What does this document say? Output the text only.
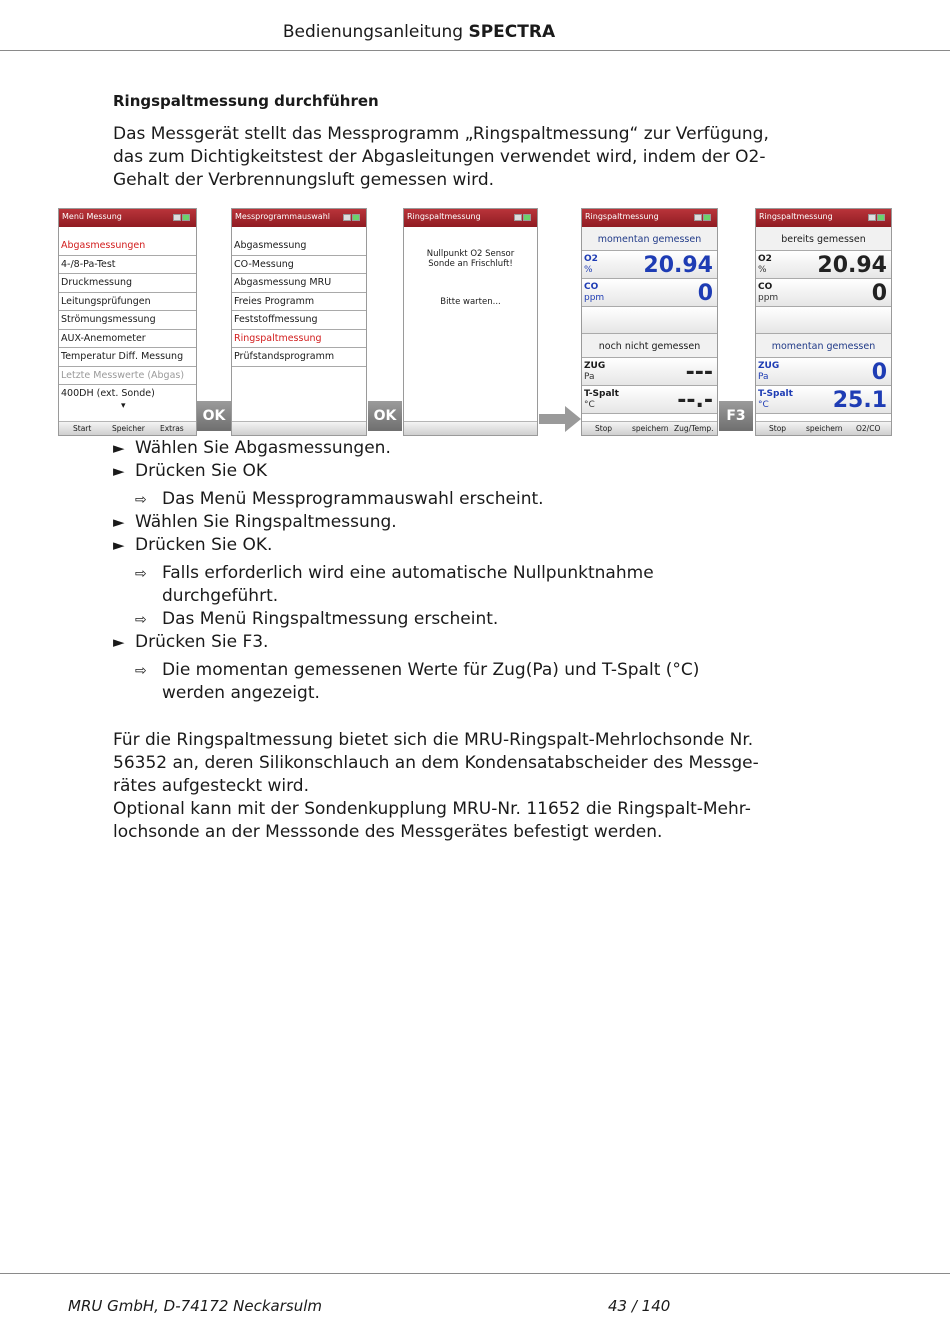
Bedienungsanleitung SPECTRA
Ringspaltmessung durchführen
Das Messgerät stellt das Messprogramm „Ringspaltmessung“ zur Verfügung,
das zum Dichtigkeitstest der Abgasleitungen verwendet wird, indem der O2-
Gehalt der Verbrennungsluft gemessen wird.
Menü Messung
Abgasmessungen
4-/8-Pa-Test
Druckmessung
Leitungsprüfungen
Strömungsmessung
AUX-Anemometer
Temperatur Diff. Messung
Letzte Messwerte (Abgas)
400DH (ext. Sonde)
▾
Start	Speicher Extras
OK
Messprogrammauswahl
Abgasmessung
CO-Messung
Abgasmessung MRU
Freies Programm
Feststoffmessung
Ringspaltmessung
Prüfstandsprogramm
OK
Ringspaltmessung
Nullpunkt O2 Sensor
Sonde an Frischluft!
Bitte warten...
Ringspaltmessung
momentan gemessen
O2
% 20.94
CO
ppm	0
noch nicht gemessen
ZUG
Pa	---
T-Spalt
°C	--.-
Stop	speichern Zug/Temp.
F3
Ringspaltmessung
bereits gemessen
O2
% 20.94
CO
ppm	0
momentan gemessen
ZUG
Pa	0
T-Spalt
°C	25.1
Stop	speichern O2/CO
► Wählen Sie Abgasmessungen.
► Drücken Sie OK
⇨ Das Menü Messprogrammauswahl erscheint.
► Wählen Sie Ringspaltmessung.
► Drücken Sie OK.
⇨ Falls erforderlich wird eine automatische Nullpunktnahme
durchgeführt.
⇨ Das Menü Ringspaltmessung erscheint.
► Drücken Sie F3.
⇨ Die momentan gemessenen Werte für Zug(Pa) und T-Spalt (°C)
werden angezeigt.
Für die Ringspaltmessung bietet sich die MRU-Ringspalt-Mehrlochsonde Nr.
56352 an, deren Silikonschlauch an dem Kondensatabscheider des Messge-
rätes aufgesteckt wird.
Optional kann mit der Sondenkupplung MRU-Nr. 11652 die Ringspalt-Mehr-
lochsonde an der Messsonde des Messgerätes befestigt werden.
MRU GmbH, D-74172 Neckarsulm	43 / 140
